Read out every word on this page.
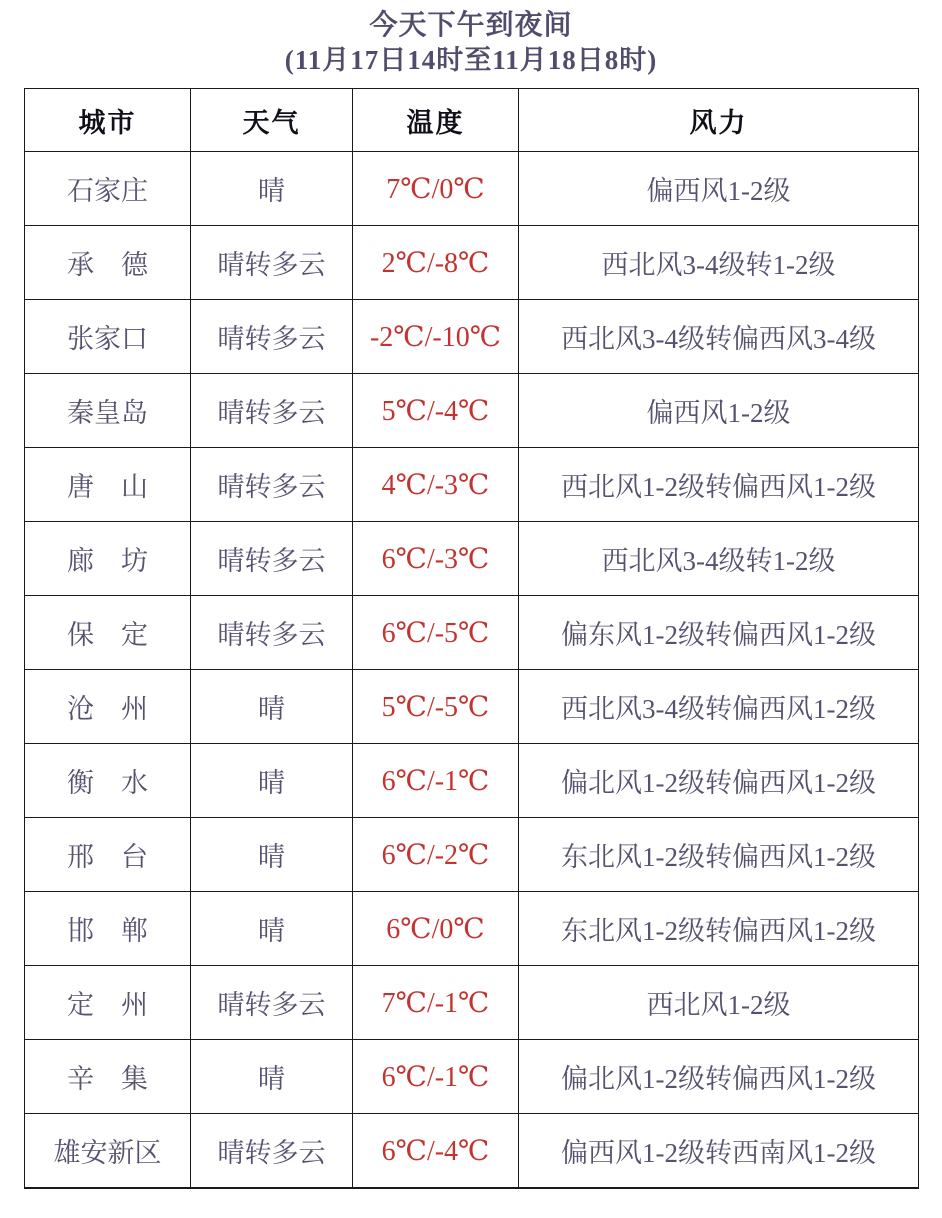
今天下午到夜间
(11月17日14时至11月18日8时)
城市	天气	温度	风力
石家庄	晴	7℃/0℃	偏西风1-2级
承　德	晴转多云	2℃/-8℃	西北风3-4级转1-2级
张家口	晴转多云	-2℃/-10℃	西北风3-4级转偏西风3-4级
秦皇岛	晴转多云	5℃/-4℃	偏西风1-2级
唐　山	晴转多云	4℃/-3℃	西北风1-2级转偏西风1-2级
廊　坊	晴转多云	6℃/-3℃	西北风3-4级转1-2级
保　定	晴转多云	6℃/-5℃	偏东风1-2级转偏西风1-2级
沧　州	晴	5℃/-5℃	西北风3-4级转偏西风1-2级
衡　水	晴	6℃/-1℃	偏北风1-2级转偏西风1-2级
邢　台	晴	6℃/-2℃	东北风1-2级转偏西风1-2级
邯　郸	晴	6℃/0℃	东北风1-2级转偏西风1-2级
定　州	晴转多云	7℃/-1℃	西北风1-2级
辛　集	晴	6℃/-1℃	偏北风1-2级转偏西风1-2级
雄安新区	晴转多云	6℃/-4℃	偏西风1-2级转西南风1-2级
